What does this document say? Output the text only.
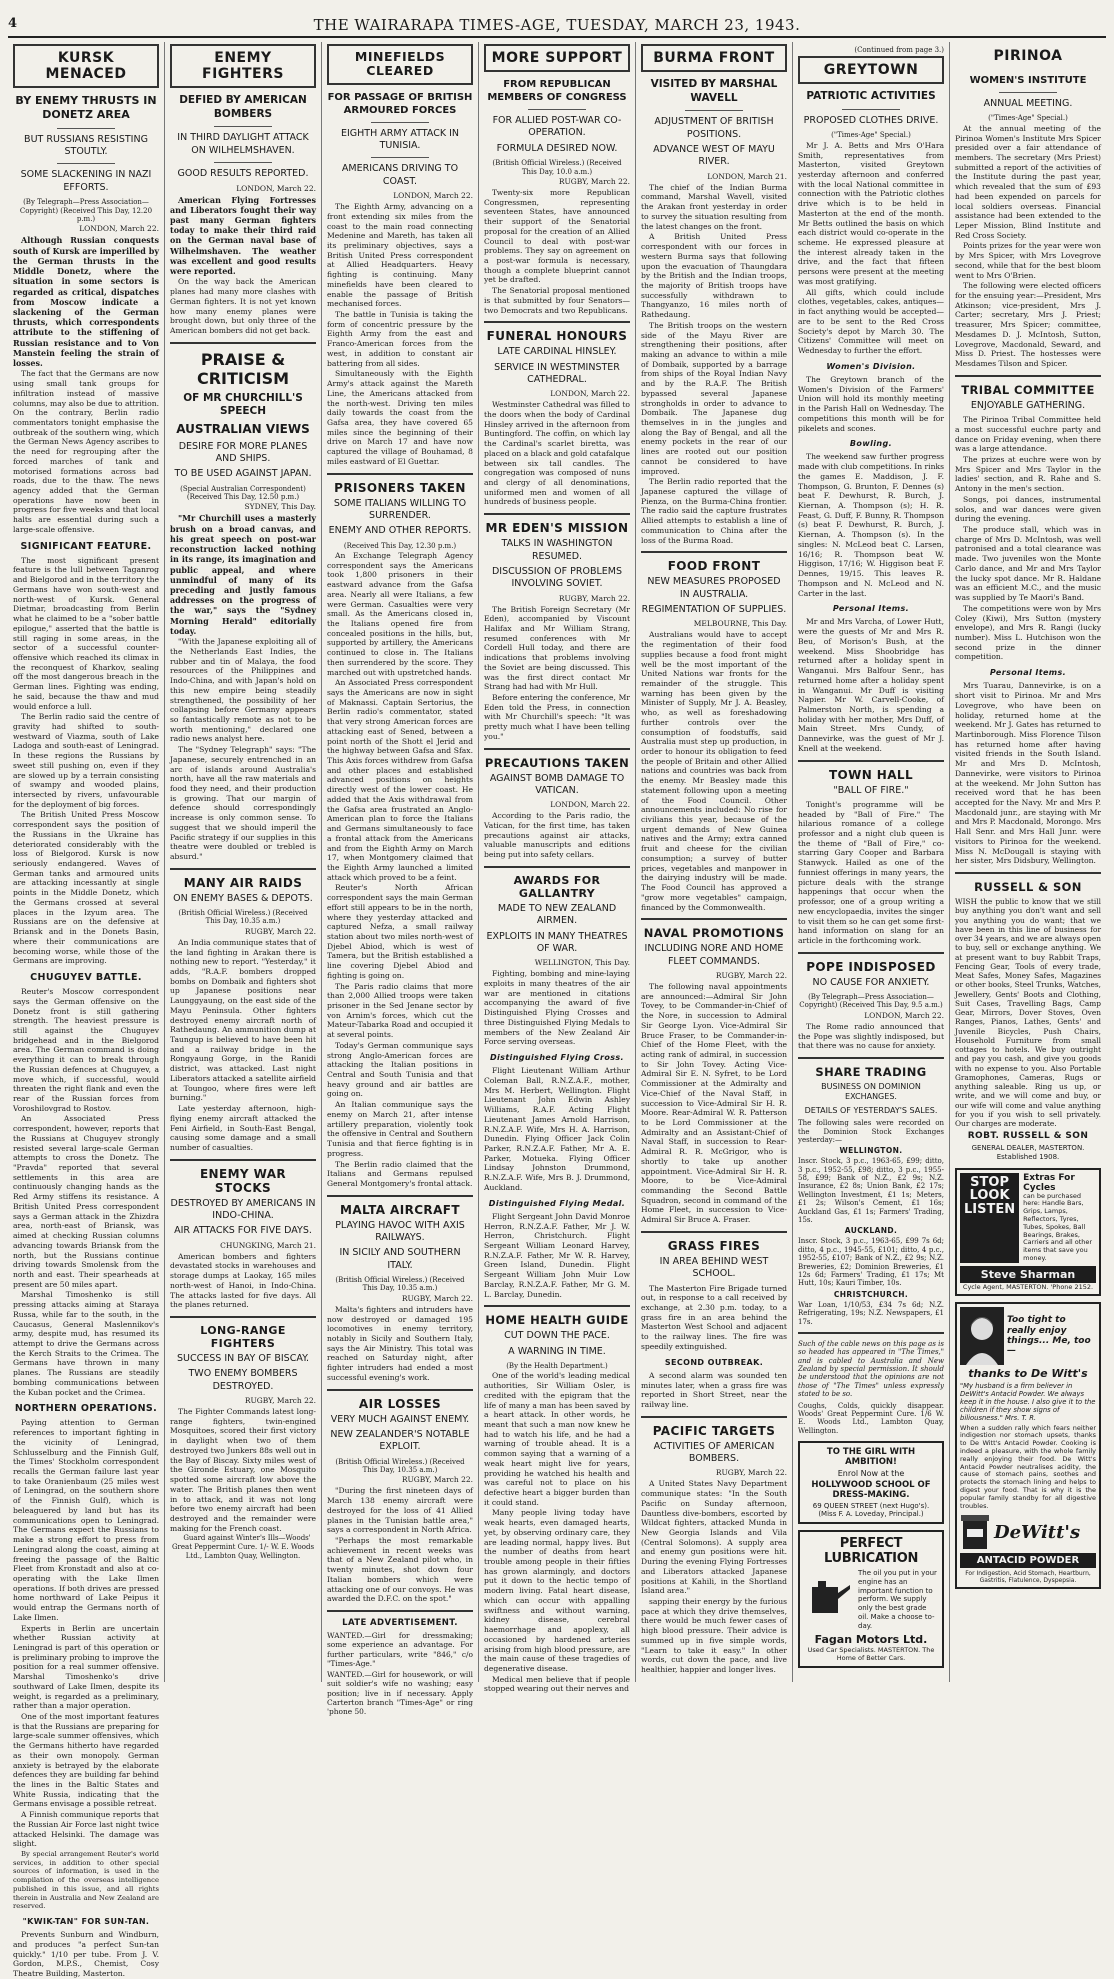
4	THE WAIRARAPA TIMES-AGE, TUESDAY, MARCH 23, 1943.
KURSK MENACED
BY ENEMY THRUSTS IN DONETZ AREA
BUT RUSSIANS RESISTING STOUTLY.
SOME SLACKENING IN NAZI EFFORTS.
(By Telegraph—Press Association—Copyright) (Received This Day, 12.20 p.m.)
LONDON, March 22.

Although Russian conquests south of Kursk are imperilled by the German thrusts in the Middle Donetz, where the situation in some sectors is regarded as critical, dispatches from Moscow indicate a slackening of the German thrusts, which correspondents attribute to the stiffening of Russian resistance and to Von Manstein feeling the strain of losses.

The fact that the Germans are now using small tank groups for infiltration instead of massive columns, may also be due to attrition. On the contrary, Berlin radio commentators tonight emphasise the outbreak of the southern wing, which the German News Agency ascribes to the need for regrouping after the forced marches of tank and motorised formations across bad roads, due to the thaw. The news agency added that the German operations have now been in progress for five weeks and that local halts are essential during such a large-scale offensive.

SIGNIFICANT FEATURE.

The most significant present feature is the lull between Taganrog and Bielgorod and in the territory the Germans have won south-west and north-west of Kursk. General Dietmar, broadcasting from Berlin what he claimed to be a "sober battle epilogue," asserted that the battle is still raging in some areas, in the sector of a successful counter-offensive which reached its climax in the reconquest of Kharkov, sealing off the most dangerous breach in the German lines. Fighting was ending, he said, because the thaw and mud would enforce a lull.

The Berlin radio said the centre of gravity had shifted to south-westward of Viazma, south of Lake Ladoga and south-east of Leningrad. In these regions the Russians by sweet still pushing on, even if they are slowed up by a terrain consisting of swampy and wooded plains, intersected by rivers, unfavourable for the deployment of big forces.

The British United Press Moscow correspondent says the position of the Russians in the Ukraine has deteriorated considerably with the loss of Bielgorod. Kursk is now seriously endangered. Waves of German tanks and armoured units are attacking incessantly at single points in the Middle Donetz, which the Germans crossed at several places in the Izyum area. The Russians are on the defensive at Briansk and in the Donets Basin, where their communications are becoming worse, while those of the Germans are improving.

CHUGUYEV BATTLE.

Reuter's Moscow correspondent says the German offensive on the Donetz front is still gathering strength. The heaviest pressure is still against the Chuguyev bridgehead and in the Bielgorod area. The German command is doing everything it can to break through the Russian defences at Chuguyev, a move which, if successful, would threaten the right flank and even the rear of the Russian forces from Voroshilovgrad to Rostov.

An Associated Press correspondent, however, reports that the Russians at Chuguyev strongly resisted several large-scale German attempts to cross the Donetz. The "Pravda" reported that several settlements in this area are continuously changing hands as the Red Army stiffens its resistance. A British United Press correspondent says a German attack in the Zhizdra area, north-east of Briansk, was aimed at checking Russian columns advancing towards Briansk from the north, but the Russians continue driving towards Smolensk from the north and east. Their spearheads at present are 50 miles apart.

Marshal Timoshenko is still pressing attacks aiming at Staraya Russa, while far to the south, in the Caucasus, General Maslennikov's army, despite mud, has resumed its attempt to drive the Germans across the Kerch Straits to the Crimea. The Germans have thrown in many planes. The Russians are steadily bombing communications between the Kuban pocket and the Crimea.

NORTHERN OPERATIONS.

Paying attention to German references to important fighting in the vicinity of Leningrad, Schlusselburg and the Finnish Gulf, the Times' Stockholm correspondent recalls the German failure last year to take Oranienbaum (25 miles west of Leningrad, on the southern shore of the Finnish Gulf), which is beleaguered by land but has its communications open to Leningrad. The Germans expect the Russians to make a strong effort to press from Leningrad along the coast, aiming at freeing the passage of the Baltic Fleet from Kronstadt and also at co-operating with the Lake Ilmen operations. If both drives are pressed home northward of Lake Peipus it would entrap the Germans north of Lake Ilmen.

Experts in Berlin are uncertain whether Russian activity at Leningrad is part of this operation or is preliminary probing to improve the position for a real summer offensive. Marshal Timoshenko's drive southward of Lake Ilmen, despite its weight, is regarded as a preliminary, rather than a major operation.

One of the most important features is that the Russians are preparing for large-scale summer offensives, which the Germans hitherto have regarded as their own monopoly. German anxiety is betrayed by the elaborate defences they are building far behind the lines in the Baltic States and White Russia, indicating that the Germans envisage a possible retreat.

A Finnish communique reports that the Russian Air Force last night twice attacked Helsinki. The damage was slight.

By special arrangement Reuter's world services, in addition to other special sources of information, is used in the compilation of the overseas intelligence published in this issue, and all rights therein in Australia and New Zealand are reserved.

"KWIK-TAN" FOR SUN-TAN.

Prevents Sunburn and Windburn, and produces "a perfect Sun-tan quickly." 1/10 per tube. From J. V. Gordon, M.P.S., Chemist, Cosy Theatre Building, Masterton.

ENEMY FIGHTERS
DEFIED BY AMERICAN BOMBERS
IN THIRD DAYLIGHT ATTACK ON WILHELMSHAVEN.
GOOD RESULTS REPORTED.
LONDON, March 22.

American Flying Fortresses and Liberators fought their way past many German fighters today to make their third raid on the German naval base of Wilhelmshaven. The weather was excellent and good results were reported.

On the way back the American planes had many more clashes with German fighters. It is not yet known how many enemy planes were brought down, but only three of the American bombers did not get back.

PRAISE & CRITICISM
OF MR CHURCHILL'S SPEECH
AUSTRALIAN VIEWS
DESIRE FOR MORE PLANES AND SHIPS.
TO BE USED AGAINST JAPAN.
(Special Australian Correspondent) (Received This Day, 12.50 p.m.)
SYDNEY, This Day.

"Mr Churchill uses a masterly brush on a broad canvas, and his great speech on post-war reconstruction lacked nothing in its range, its imagination and public appeal, and where unmindful of many of its preceding and justly famous addresses on the progress of the war," says the "Sydney Morning Herald" editorially today.

"With the Japanese exploiting all of the Netherlands East Indies, the rubber and tin of Malaya, the food resources of the Philippines and Indo-China, and with Japan's hold on this new empire being steadily strengthened, the possibility of her collapsing before Germany appears so fantastically remote as not to be worth mentioning," declared one radio news analyst here.

The "Sydney Telegraph" says: "The Japanese, securely entrenched in an arc of islands around Australia's north, have all the raw materials and food they need, and their production is growing. That our margin of defence should correspondingly increase is only common sense. To suggest that we should imperil the Pacific strategy if our supplies in this theatre were doubled or trebled is absurd."

MANY AIR RAIDS
ON ENEMY BASES & DEPOTS.
(British Official Wireless.) (Received This Day, 10.35 a.m.)
RUGBY, March 22.

An India communique states that of the land fighting in Arakan there is nothing new to report. "Yesterday," it adds, "R.A.F. bombers dropped bombs on Dombaik and fighters shot up Japanese positions near Launggyaung, on the east side of the Mayu Peninsula. Other fighters destroyed enemy aircraft north of Rathedaung. An ammunition dump at Taungup is believed to have been hit and a railway bridge in the Rongyaung Gorge, in the Ranidi district, was attacked. Last night Liberators attacked a satellite airfield at Toungoo, where fires were left burning."

Late yesterday afternoon, high-flying enemy aircraft attacked the Feni Airfield, in South-East Bengal, causing some damage and a small number of casualties.

ENEMY WAR STOCKS
DESTROYED BY AMERICANS IN INDO-CHINA.
AIR ATTACKS FOR FIVE DAYS.
CHUNGKING, March 21.

American bombers and fighters devastated stocks in warehouses and storage dumps at Laokay, 165 miles north-west of Hanoi, in Indo-China. The attacks lasted for five days. All the planes returned.

LONG-RANGE FIGHTERS
SUCCESS IN BAY OF BISCAY.
TWO ENEMY BOMBERS DESTROYED.
RUGBY, March 22.

The Fighter Commands latest long-range fighters, twin-engined Mosquitoes, scored their first victory in daylight when two of them destroyed two Junkers 88s well out in the Bay of Biscay. Sixty miles west of the Gironde Estuary, one Mosquito spotted some aircraft low above the water. The British planes then went in to attack, and it was not long before two enemy aircraft had been destroyed and the remainder were making for the French coast.

Guard against Winter's Ills—Woods' Great Peppermint Cure. 1/- W. E. Woods Ltd., Lambton Quay, Wellington.

MINEFIELDS CLEARED
FOR PASSAGE OF BRITISH ARMOURED FORCES
EIGHTH ARMY ATTACK IN TUNISIA.
AMERICANS DRIVING TO COAST.
LONDON, March 22.

The Eighth Army, advancing on a front extending six miles from the coast to the main road connecting Medenine and Mareth, has taken all its preliminary objectives, says a British United Press correspondent at Allied Headquarters. Heavy fighting is continuing. Many minefields have been cleared to enable the passage of British mechanised forces.

The battle in Tunisia is taking the form of concentric pressure by the Eighth Army from the east and Franco-American forces from the west, in addition to constant air battering from all sides.

Simultaneously with the Eighth Army's attack against the Mareth Line, the Americans attacked from the north-west. Driving ten miles daily towards the coast from the Gafsa area, they have covered 65 miles since the beginning of their drive on March 17 and have now captured the village of Bouhamad, 8 miles eastward of El Guettar.

PRISONERS TAKEN
SOME ITALIANS WILLING TO SURRENDER.
ENEMY AND OTHER REPORTS.
(Received This Day, 12.30 p.m.)

An Exchange Telegraph Agency correspondent says the Americans took 1,800 prisoners in their eastward advance from the Gafsa area. Nearly all were Italians, a few were German. Casualties were very small. As the Americans closed in, the Italians opened fire from concealed positions in the hills, but, supported by artillery, the Americans continued to close in. The Italians then surrendered by the score. They marched out with upstretched hands.

An Associated Press correspondent says the Americans are now in sight of Maknassi. Captain Sertorius, the Berlin radio's commentator, stated that very strong American forces are attacking east of Sened, between a point north of the Shott el Jerid and the highway between Gafsa and Sfax. This Axis forces withdrew from Gafsa and other places and established advanced positions on heights directly west of the lower coast. He added that the Axis withdrawal from the Gafsa area frustrated an Anglo-American plan to force the Italians and Germans simultaneously to face a frontal attack from the Americans and from the Eighth Army on March 17, when Montgomery claimed that the Eighth Army launched a limited attack which proved to be a feint.

Reuter's North African correspondent says the main German effort still appears to be in the north, where they yesterday attacked and captured Nefza, a small railway station about two miles north-west of Djebel Abiod, which is west of Tamera, but the British established a line covering Djebel Abiod and fighting is going on.

The Paris radio claims that more than 2,000 Allied troops were taken prisoner in the Sed Jenane sector by von Arnim's forces, which cut the Mateur-Tabarka Road and occupied it at several points.

Today's German communique says strong Anglo-American forces are attacking the Italian positions in Central and South Tunisia and that heavy ground and air battles are going on.

An Italian communique says the enemy on March 21, after intense artillery preparation, violently took the offensive in Central and Southern Tunisia and that fierce fighting is in progress.

The Berlin radio claimed that the Italians and Germans repulsed General Montgomery's frontal attack.

MALTA AIRCRAFT
PLAYING HAVOC WITH AXIS RAILWAYS.
IN SICILY AND SOUTHERN ITALY.
(British Official Wireless.) (Received This Day, 10.35 a.m.)
RUGBY, March 22.

Malta's fighters and intruders have now destroyed or damaged 195 locomotives in enemy territory, notably in Sicily and Southern Italy, says the Air Ministry. This total was reached on Saturday night, after fighter intruders had ended a most successful evening's work.

AIR LOSSES
VERY MUCH AGAINST ENEMY.
NEW ZEALANDER'S NOTABLE EXPLOIT.
(British Official Wireless.) (Received This Day, 10.35 a.m.)
RUGBY, March 22.

"During the first nineteen days of March 138 enemy aircraft were destroyed for the loss of 41 Allied planes in the Tunisian battle area," says a correspondent in North Africa.

"Perhaps the most remarkable achievement in recent weeks was that of a New Zealand pilot who, in twenty minutes, shot down four Italian bombers which were attacking one of our convoys. He was awarded the D.F.C. on the spot."

LATE ADVERTISEMENT.

WANTED.—Girl for dressmaking; some experience an advantage. For further particulars, write "846," c/o "Times-Age."

WANTED.—Girl for housework, or will suit soldier's wife no washing; easy position; live in if necessary. Apply Carterton branch "Times-Age" or ring 'phone 50.

MORE SUPPORT
FROM REPUBLICAN MEMBERS OF CONGRESS
FOR ALLIED POST-WAR CO-OPERATION.
FORMULA DESIRED NOW.
(British Official Wireless.) (Received This Day, 10.0 a.m.)
RUGBY, March 22.

Twenty-six more Republican Congressmen, representing seventeen States, have announced their support of the Senatorial proposal for the creation of an Allied Council to deal with post-war problems. They say on agreement on a post-war formula is necessary, though a complete blueprint cannot yet be drafted.

The Senatorial proposal mentioned is that submitted by four Senators—two Democrats and two Republicans.

FUNERAL HONOURS
LATE CARDINAL HINSLEY.
SERVICE IN WESTMINSTER CATHEDRAL.
LONDON, March 22.

Westminster Cathedral was filled to the doors when the body of Cardinal Hinsley arrived in the afternoon from Buntingford. The coffin, on which lay the Cardinal's scarlet biretta, was placed on a black and gold catafalque between six tall candles. The congregation was composed of nuns and clergy of all denominations, uniformed men and women of all hundreds of business people.

MR EDEN'S MISSION
TALKS IN WASHINGTON RESUMED.
DISCUSSION OF PROBLEMS INVOLVING SOVIET.
RUGBY, March 22.

The British Foreign Secretary (Mr Eden), accompanied by Viscount Halifax and Mr William Strang, resumed conferences with Mr Cordell Hull today, and there are indications that problems involving the Soviet are being discussed. This was the first direct contact Mr Strang had had with Mr Hull.

Before entering the conference, Mr Eden told the Press, in connection with Mr Churchill's speech: "It was pretty much what I have been telling you."

PRECAUTIONS TAKEN
AGAINST BOMB DAMAGE TO VATICAN.
LONDON, March 22.

According to the Paris radio, the Vatican, for the first time, has taken precautions against air attacks, valuable manuscripts and editions being put into safety cellars.

AWARDS FOR GALLANTRY
MADE TO NEW ZEALAND AIRMEN.
EXPLOITS IN MANY THEATRES OF WAR.
WELLINGTON, This Day.

Fighting, bombing and mine-laying exploits in many theatres of the air war are mentioned in citations accompanying the award of five Distinguished Flying Crosses and three Distinguished Flying Medals to members of the New Zealand Air Force serving overseas.

Distinguished Flying Cross.

Flight Lieutenant William Arthur Coleman Ball, R.N.Z.A.F., mother, Mrs M. Herbert, Wellington. Flight Lieutenant John Edwin Ashley Williams, R.A.F. Acting Flight Lieutenant James Arnold Harrison, R.N.Z.A.F. Wife, Mrs H. A. Harrison, Dunedin. Flying Officer Jack Colin Parker, R.N.Z.A.F. Father, Mr A. E. Parker, Motueka. Flying Officer Lindsay Johnston Drummond, R.N.Z.A.F. Wife, Mrs B. J. Drummond, Auckland.

Distinguished Flying Medal.

Flight Sergeant John David Monroe Herron, R.N.Z.A.F. Father, Mr J. W. Herron, Christchurch. Flight Sergeant William Leonard Harvey, R.N.Z.A.F. Father, Mr W. R. Harvey, Green Island, Dunedin. Flight Sergeant William John Muir Low Barclay, R.N.Z.A.F. Father, Mr G. M. L. Barclay, Dunedin.

HOME HEALTH GUIDE
CUT DOWN THE PACE.
A WARNING IN TIME.
(By the Health Department.)

One of the world's leading medical authorities, Sir William Osler, is credited with the epigram that the life of many a man has been saved by a heart attack. In other words, he meant that such a man now knew he had to watch his life, and he had a warning of trouble ahead. It is a common saying that a warning of a weak heart might live for years, providing he watched his health and was careful not to place on his defective heart a bigger burden than it could stand.

Many people living today have weak hearts, even damaged hearts, yet, by observing ordinary care, they are leading normal, happy lives. But the number of deaths from heart trouble among people in their fifties has grown alarmingly, and doctors put it down to the hectic tempo of modern living. Fatal heart disease, which can occur with appalling swiftness and without warning, kidney disease, cerebral haemorrhage and apoplexy, all occasioned by hardened arteries arising from high blood pressure, are the main cause of these tragedies of degenerative disease.

Medical men believe that if people stopped wearing out their nerves and

BURMA FRONT
VISITED BY MARSHAL WAVELL
ADJUSTMENT OF BRITISH POSITIONS.
ADVANCE WEST OF MAYU RIVER.
LONDON, March 21.

The chief of the Indian Burma command, Marshal Wavell, visited the Arakan front yesterday in order to survey the situation resulting from the latest changes on the front.

A British United Press correspondent with our forces in western Burma says that following upon the evacuation of Thaungdara by the British and the Indian troops, the majority of British troops have successfully withdrawn to Thangyanzo, 16 miles north of Rathedaung.

The British troops on the western side of the Mayu River are strengthening their positions, after making an advance to within a mile of Dombaik, supported by a barrage from ships of the Royal Indian Navy and by the R.A.F. The British bypassed several Japanese strongholds in order to advance to Dombaik. The Japanese dug themselves in in the jungles and along the Bay of Bengal, and all the enemy pockets in the rear of our lines are rooted out our position cannot be considered to have improved.

The Berlin radio reported that the Japanese captured the village of Pienza, on the Burma-China frontier. The radio said the capture frustrates Allied attempts to establish a line of communication to China after the loss of the Burma Road.

FOOD FRONT
NEW MEASURES PROPOSED IN AUSTRALIA.
REGIMENTATION OF SUPPLIES.
MELBOURNE, This Day.

Australians would have to accept the regimentation of their food supplies because a food front might well be the most important of the United Nations war fronts for the remainder of the struggle. This warning has been given by the Minister of Supply, Mr J. A. Beasley, who, as well as foreshadowing further controls over the consumption of foodstuffs, said Australia must step up production, in order to honour its obligation to feed the people of Britain and other Allied nations and countries was back from the enemy. Mr Beasley made this statement following upon a meeting of the Food Council. Other announcements included: No rise for civilians this year, because of the urgent demands of New Guinea natives and the Army; extra canned fruit and cheese for the civilian consumption; a survey of butter prices, vegetables and manpower in the dairying industry will be made. The Food Council has approved a "grow more vegetables" campaign, financed by the Commonwealth.

NAVAL PROMOTIONS
INCLUDING NORE AND HOME FLEET COMMANDS.
RUGBY, March 22.

The following naval appointments are announced:—Admiral Sir John Tovey, to be Commander-in-Chief of the Nore, in succession to Admiral Sir George Lyon. Vice-Admiral Sir Bruce Fraser, to be Commander-in-Chief of the Home Fleet, with the acting rank of admiral, in succession to Sir John Tovey. Acting Vice-Admiral Sir E. N. Syfret, to be Lord Commissioner at the Admiralty and Vice-Chief of the Naval Staff, in succession to Vice-Admiral Sir H. R. Moore. Rear-Admiral W. R. Patterson to be Lord Commissioner at the Admiralty and an Assistant-Chief of Naval Staff, in succession to Rear-Admiral R. R. McGrigor, who is shortly to take up another appointment. Vice-Admiral Sir H. R. Moore, to be Vice-Admiral commanding the Second Battle Squadron, second in command of the Home Fleet, in succession to Vice-Admiral Sir Bruce A. Fraser.

GRASS FIRES
IN AREA BEHIND WEST SCHOOL.

The Masterton Fire Brigade turned out, in response to a call received by exchange, at 2.30 p.m. today, to a grass fire in an area behind the Masterton West School and adjacent to the railway lines. The fire was speedily extinguished.

SECOND OUTBREAK.

A second alarm was sounded ten minutes later, when a grass fire was reported in Short Street, near the railway line.

PACIFIC TARGETS
ACTIVITIES OF AMERICAN BOMBERS.
RUGBY, March 22.

A United States Navy Department communique states: "In the South Pacific on Sunday afternoon, Dauntless dive-bombers, escorted by Wildcat fighters, attacked Munda in New Georgia Islands and Vila (Central Solomons). A supply area and enemy gun positions were hit. During the evening Flying Fortresses and Liberators attacked Japanese positions at Kahili, in the Shortland Island area."

sapping their energy by the furious pace at which they drive themselves, there would be much fewer cases of high blood pressure. Their advice is summed up in five simple words, "Learn to take it easy." In other words, cut down the pace, and live healthier, happier and longer lives.

(Continued from page 3.)
GREYTOWN
PATRIOTIC ACTIVITIES
PROPOSED CLOTHES DRIVE.
("Times-Age" Special.)

Mr J. A. Betts and Mrs O'Hara Smith, representatives from Masterton, visited Greytown yesterday afternoon and conferred with the local National committee in connection with the Patriotic clothes drive which is to be held in Masterton at the end of the month. Mr Betts outlined the basis on which each district would co-operate in the scheme. He expressed pleasure at the interest already taken in the drive, and the fact that fifteen persons were present at the meeting was most gratifying.

All gifts, which could include clothes, vegetables, cakes, antiques—in fact anything would be accepted—are to be sent to the Red Cross Society's depot by March 30. The Citizens' Committee will meet on Wednesday to further the effort.

Women's Division.

The Greytown branch of the Women's Division of the Farmers' Union will hold its monthly meeting in the Parish Hall on Wednesday. The competitions this month will be for pikelets and scones.

Bowling.

The weekend saw further progress made with club competitions. In rinks the games E. Maddison, J. F. Thompson, G. Brunton, F. Dennes (s) beat F. Dewhurst, R. Burch, J. Kiernan, A. Thompson (s); H. R. Feast, G. Duff, F. Bunny, R. Thompson (s) beat F. Dewhurst, R. Burch, J. Kiernan, A. Thompson (s). In the singles: N. McLeod beat C. Larsen, 16/16; R. Thompson beat W. Higgison, 17/16; W. Higgison beat F. Dennes, 19/15. This leaves R. Thompson and N. McLeod and N. Carter in the last.

Personal Items.

Mr and Mrs Varcha, of Lower Hutt, were the guests of Mr and Mrs R. Beu, of Morison's Bush, at the weekend. Miss Shoobridge has returned after a holiday spent in Wanganui. Mrs Balfour Senr., has returned home after a holiday spent in Wanganui. Mr Duff is visiting Napier. Mr W. Carvell-Cooke, of Palmerston North, is spending a holiday with her mother, Mrs Duff, of Main Street. Mrs Cundy, of Dannevirke, was the guest of Mr J. Knell at the weekend.

TOWN HALL
"BALL OF FIRE."

Tonight's programme will be headed by "Ball of Fire." The hilarious romance of a college professor and a night club queen is the theme of "Ball of Fire," co-starring Gary Cooper and Barbara Stanwyck. Hailed as one of the funniest offerings in many years, the picture deals with the strange happenings that occur when the professor, one of a group writing a new encyclopaedia, invites the singer to visit them so he can get some first-hand information on slang for an article in the forthcoming work.

POPE INDISPOSED
NO CAUSE FOR ANXIETY.
(By Telegraph—Press Association—Copyright) (Received This Day, 9.5 a.m.)
LONDON, March 22.

The Rome radio announced that the Pope was slightly indisposed, but that there was no cause for anxiety.

SHARE TRADING
BUSINESS ON DOMINION EXCHANGES.
DETAILS OF YESTERDAY'S SALES.

The following sales were recorded on the Dominion Stock Exchanges yesterday:—

WELLINGTON.

Inscr. Stock, 3 p.c., 1963-65, £99; ditto, 3 p.c., 1952-55, £98; ditto, 3 p.c., 1955-58, £99; Bank of N.Z., £2 9s; N.Z. Insurance, £2 8s; Union Bank, £2 17s; Wellington Investment, £1 1s; Meters, £1 2s; Wilson's Cement, £1 16s; Auckland Gas, £1 1s; Farmers' Trading, 15s.

AUCKLAND.

Inscr. Stock, 3 p.c., 1963-65, £99 7s 6d; ditto, 4 p.c., 1945-55, £101; ditto, 4 p.c., 1952-55, £107; Bank of N.Z., £2 9s; N.Z. Breweries, £2; Dominion Breweries, £1 12s 6d; Farmers' Trading, £1 17s; Mt Hutt, 10s; Kauri Timber, 10s.

CHRISTCHURCH.

War Loan, 1/10/53, £34 7s 6d; N.Z. Refrigerating, 19s; N.Z. Newspapers, £1 17s.

Such of the cable news on this page as is so headed has appeared in "The Times," and is cabled to Australia and New Zealand by special permission. It should be understood that the opinions are not those of "The Times" unless expressly stated to be so.

Coughs, Colds, quickly disappear. Woods' Great Peppermint Cure. 1/6 W. E. Woods Ltd., Lambton Quay, Wellington.

TO THE GIRL WITH AMBITION!
Enrol Now at the
HOLLYWOOD SCHOOL OF DRESS-MAKING.
69 QUEEN STREET (next Hugo's). (Miss F. A. Loveday, Principal.)
PERFECT LUBRICATION
The oil you put in your engine has an important function to perform. We supply only the best grade oil. Make a choose to-day.
Fagan Motors Ltd.
Used Car Specialists. MASTERTON. The Home of Better Cars.
PIRINOA
WOMEN'S INSTITUTE
ANNUAL MEETING.
("Times-Age" Special.)

At the annual meeting of the Pirinoa Women's Institute Mrs Spicer presided over a fair attendance of members. The secretary (Mrs Priest) submitted a report of the activities of the Institute during the past year, which revealed that the sum of £93 had been expended on parcels for local soldiers overseas. Financial assistance had been extended to the Leper Mission, Blind Institute and Red Cross Society.

Points prizes for the year were won by Mrs Spicer, with Mrs Lovegrove second, while that for the best bloom went to Mrs O'Brien.

The following were elected officers for the ensuing year:—President, Mrs Atkinson; vice-president, Mrs J. Carter; secretary, Mrs J. Priest; treasurer, Mrs Spicer; committee, Mesdames D. J. McIntosh, Sutton, Lovegrove, Macdonald, Seward, and Miss D. Priest. The hostesses were Mesdames Tilson and Spicer.

TRIBAL COMMITTEE
ENJOYABLE GATHERING.

The Pirinoa Tribal Committee held a most successful euchre party and dance on Friday evening, when there was a large attendance.

The prizes at euchre were won by Mrs Spicer and Mrs Taylor in the ladies' section, and R. Rahe and S. Antony in the men's section.

Songs, poi dances, instrumental solos, and war dances were given during the evening.

The produce stall, which was in charge of Mrs D. McIntosh, was well patronised and a total clearance was made. Two juveniles won the Monte Carlo dance, and Mr and Mrs Taylor the lucky spot dance. Mr R. Haldane was an efficient M.C., and the music was supplied by Te Maori's Band.

The competitions were won by Mrs Coley (Kiwi), Mrs Sutton (mystery envelope), and Mrs R. Rangi (lucky number). Miss L. Hutchison won the second prize in the dinner competition.

Personal Items.

Mrs Tuarau, Dannevirke, is on a short visit to Pirinoa. Mr and Mrs Lovegrove, who have been on holiday, returned home at the weekend. Mr J. Gates has returned to Martinborough. Miss Florence Tilson has returned home after having visited friends in the South Island. Mr and Mrs D. McIntosh, Dannevirke, were visitors to Pirinoa at the weekend. Mr John Sutton has received word that he has been accepted for the Navy. Mr and Mrs P. Macdonald junr., are staying with Mr and Mrs P. Macdonald, Morongo. Mrs Hall Senr. and Mrs Hall Junr. were visitors to Pirinoa for the weekend. Miss N. McDougall is staying with her sister, Mrs Didsbury, Wellington.

RUSSELL & SON

WISH the public to know that we still buy anything you don't want and sell you anything you do want; that we have been in this line of business for over 34 years, and we are always open to buy, sell or exchange anything. We at present want to buy Rabbit Traps, Fencing Gear, Tools of every trade, Meat Safes, Money Safes, Magazines or other books, Steel Trunks, Watches, Jewellery, Gents' Boots and Clothing, Suit Cases, Travelling Bags, Camp Gear, Mirrors, Dover Stoves, Oven Ranges, Pianos, Lathes, Gents' and Juvenile Bicycles, Push Chairs, Household Furniture from small cottages to hotels. We buy outright and pay you cash, and give you goods with no expense to you. Also Portable Gramophones, Cameras, Rugs or anything saleable. Ring us up, or write, and we will come and buy, or our wife will come and value anything for you if you wish to sell privately. Our charges are moderate.

ROBT. RUSSELL & SON
GENERAL DEALER, MASTERTON. Established 1908.
STOP
LOOK
LISTEN
Extras For Cycles
can be purchased here: Handle Bars, Grips, Lamps, Reflectors, Tyres, Tubes, Spokes, Ball Bearings, Brakes, Carriers and all other items that save you money.
Steve Sharman
Cycle Agent, MASTERTON. 'Phone 2152.
Too tight to really enjoy things... Me, too—
thanks to De Witt's
"My husband is a firm believer in DeWitt's Antacid Powder. We always keep it in the house. I also give it to the children if they show signs of biliousness." Mrs. T. R.
When a sudden rally which fears neither indigestion nor stomach upsets, thanks to De Witt's Antacid Powder. Cooking is indeed a pleasure, with the whole family really enjoying their food. De Witt's Antacid Powder neutralises acidity, the cause of stomach pains, soothes and protects the stomach lining and helps to digest your food. That is why it is the popular family standby for all digestive troubles.
DeWitt's
ANTACID POWDER
For Indigestion, Acid Stomach, Heartburn, Gastritis, Flatulence, Dyspepsia.
